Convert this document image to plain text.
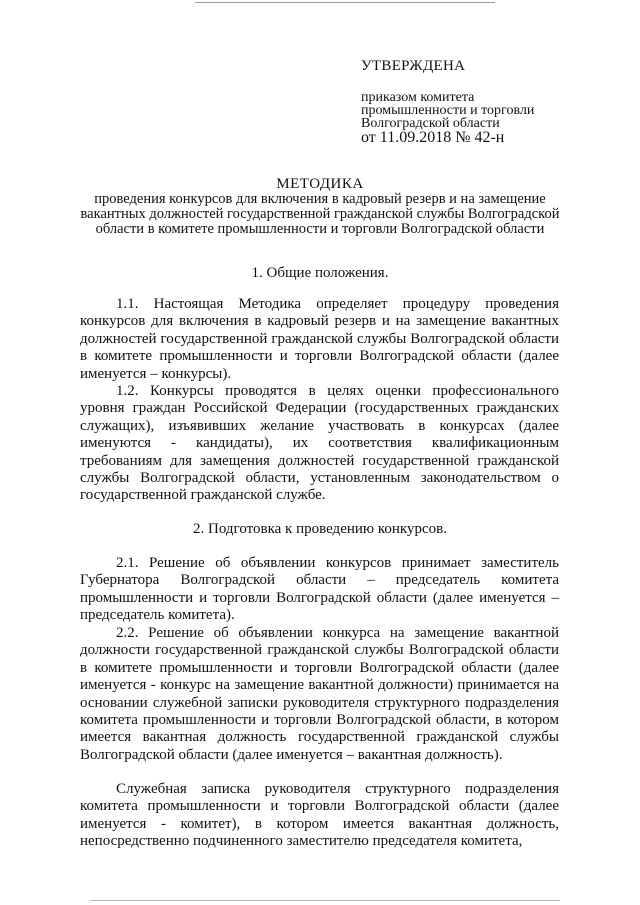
УТВЕРЖДЕНА
приказом комитета
промышленности и торговли
Волгоградской области
от 11.09.2018 № 42-н
МЕТОДИКА
проведения конкурсов для включения в кадровый резерв и на замещение вакантных должностей государственной гражданской службы Волгоградской области в комитете промышленности и торговли Волгоградской области
1. Общие положения.

1.1. Настоящая Методика определяет процедуру проведения конкурсов для включения в кадровый резерв и на замещение вакантных должностей государственной гражданской службы Волгоградской области в комитете промышленности и торговли Волгоградской области (далее именуется – конкурсы).

1.2. Конкурсы проводятся в целях оценки профессионального уровня граждан Российской Федерации (государственных гражданских служащих), изъявивших желание участвовать в конкурсах (далее именуются - кандидаты), их соответствия квалификационным требованиям для замещения должностей государственной гражданской службы Волгоградской области, установленным законодательством о государственной гражданской службе.

2. Подготовка к проведению конкурсов.

2.1. Решение об объявлении конкурсов принимает заместитель Губернатора Волгоградской области – председатель комитета промышленности и торговли Волгоградской области (далее именуется – председатель комитета).

2.2. Решение об объявлении конкурса на замещение вакантной должности государственной гражданской службы Волгоградской области в комитете промышленности и торговли Волгоградской области (далее именуется - конкурс на замещение вакантной должности) принимается на основании служебной записки руководителя структурного подразделения комитета промышленности и торговли Волгоградской области, в котором имеется вакантная должность государственной гражданской службы Волгоградской области (далее именуется – вакантная должность).

Служебная записка руководителя структурного подразделения комитета промышленности и торговли Волгоградской области (далее именуется - комитет), в котором имеется вакантная должность, непосредственно подчиненного заместителю председателя комитета,
